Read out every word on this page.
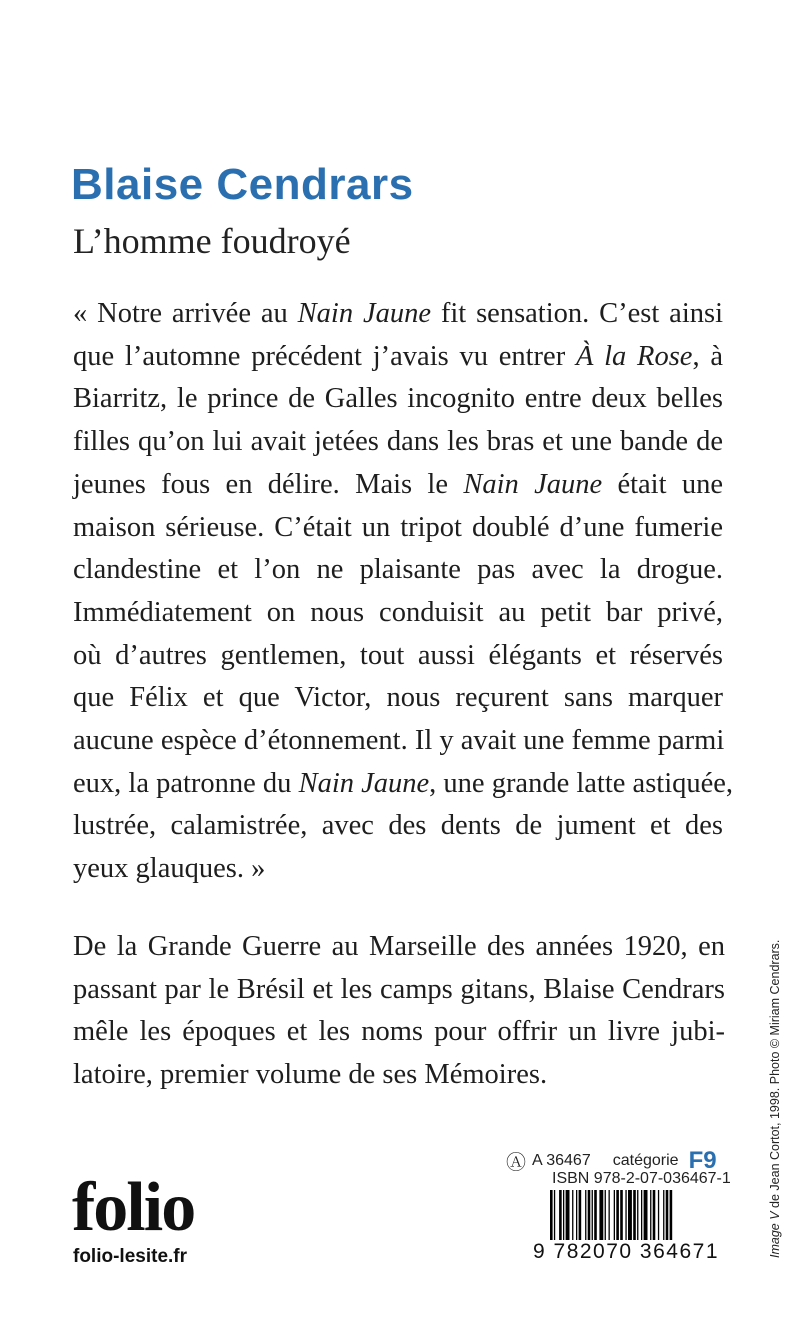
Blaise Cendrars
L’homme foudroyé
« Notre arrivée au Nain Jaune fit sensation. C’est ainsi
que l’automne précédent j’avais vu entrer À la Rose, à
Biarritz, le prince de Galles incognito entre deux belles
filles qu’on lui avait jetées dans les bras et une bande de
jeunes fous en délire. Mais le Nain Jaune était une
maison sérieuse. C’était un tripot doublé d’une fumerie
clandestine et l’on ne plaisante pas avec la drogue.
Immédiatement on nous conduisit au petit bar privé,
où d’autres gentlemen, tout aussi élégants et réservés
que Félix et que Victor, nous reçurent sans marquer
aucune espèce d’étonnement. Il y avait une femme parmi
eux, la patronne du Nain Jaune, une grande latte astiquée,
lustrée, calamistrée, avec des dents de jument et des
yeux glauques. »
De la Grande Guerre au Marseille des années 1920, en
passant par le Brésil et les camps gitans, Blaise Cendrars
mêle les époques et les noms pour offrir un livre jubi-
latoire, premier volume de ses Mémoires.
Image V de Jean Cortot, 1998. Photo © Miriam Cendrars.
Ⓐ A 36467 catégorie F9
ISBN 978-2-07-036467-1
9 782070 364671
folio
folio-lesite.fr
